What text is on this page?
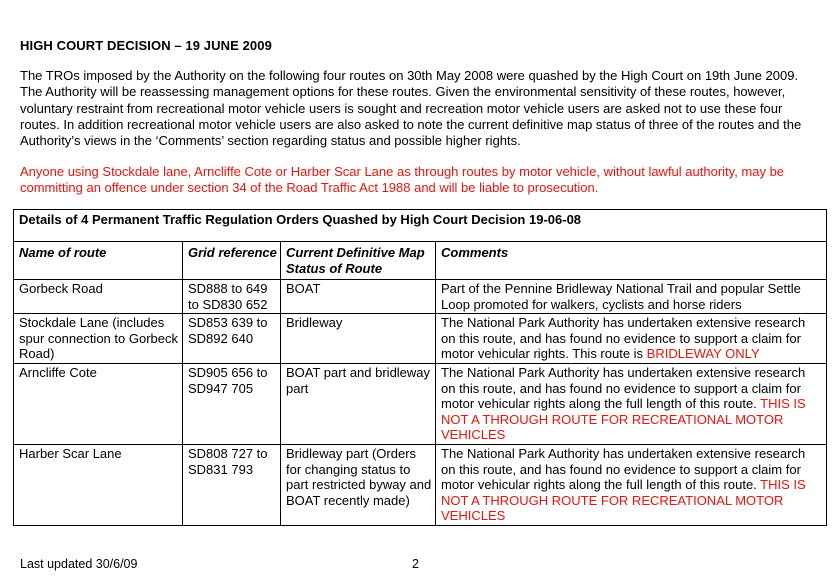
HIGH COURT DECISION – 19 JUNE 2009
The TROs imposed by the Authority on the following four routes on 30th May 2008 were quashed by the High Court on 19th June 2009. The Authority will be reassessing management options for these routes. Given the environmental sensitivity of these routes, however, voluntary restraint from recreational motor vehicle users is sought and recreation motor vehicle users are asked not to use these four routes. In addition recreational motor vehicle users are also asked to note the current definitive map status of three of the routes and the Authority’s views in the ‘Comments’ section regarding status and possible higher rights.
Anyone using Stockdale lane, Arncliffe Cote or Harber Scar Lane as through routes by motor vehicle, without lawful authority, may be committing an offence under section 34 of the Road Traffic Act 1988 and will be liable to prosecution.
Details of 4 Permanent Traffic Regulation Orders Quashed by High Court Decision 19-06-08			
Name of route	Grid reference	Current Definitive Map Status of Route	Comments
Gorbeck Road	SD888 to 649 to SD830 652	BOAT	Part of the Pennine Bridleway National Trail and popular Settle Loop promoted for walkers, cyclists and horse riders
Stockdale Lane (includes spur connection to Gorbeck Road)	SD853 639 to SD892 640	Bridleway	The National Park Authority has undertaken extensive research on this route, and has found no evidence to support a claim for motor vehicular rights. This route is BRIDLEWAY ONLY
Arncliffe Cote	SD905 656 to SD947 705	BOAT part and bridleway part	The National Park Authority has undertaken extensive research on this route, and has found no evidence to support a claim for motor vehicular rights along the full length of this route. THIS IS NOT A THROUGH ROUTE FOR RECREATIONAL MOTOR VEHICLES
Harber Scar Lane	SD808 727 to SD831 793	Bridleway part (Orders for changing status to part restricted byway and BOAT recently made)	The National Park Authority has undertaken extensive research on this route, and has found no evidence to support a claim for motor vehicular rights along the full length of this route. THIS IS NOT A THROUGH ROUTE FOR RECREATIONAL MOTOR VEHICLES
Last updated 30/6/09	2
